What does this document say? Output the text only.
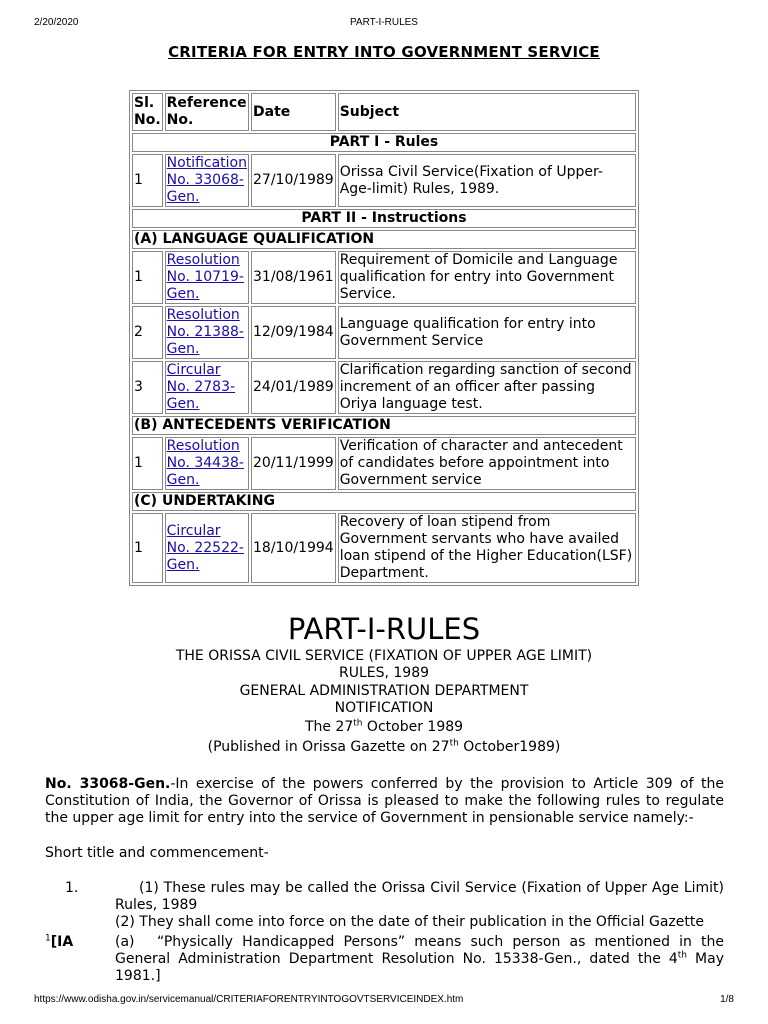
2/20/2020	PART-I-RULES
CRITERIA FOR ENTRY INTO GOVERNMENT SERVICE
Sl. No.	Reference No.	Date	Subject
PART I - Rules			
1	Notification No. 33068-Gen.	27/10/1989	Orissa Civil Service(Fixation of Upper-Age-limit) Rules, 1989.
PART II - Instructions			
(A) LANGUAGE QUALIFICATION			
1	Resolution No. 10719-Gen.	31/08/1961	Requirement of Domicile and Language qualification for entry into Government Service.
2	Resolution No. 21388-Gen.	12/09/1984	Language qualification for entry into Government Service
3	Circular No. 2783-Gen.	24/01/1989	Clarification regarding sanction of second increment of an officer after passing Oriya language test.
(B) ANTECEDENTS VERIFICATION			
1	Resolution No. 34438-Gen.	20/11/1999	Verification of character and antecedent of candidates before appointment into Government service
(C) UNDERTAKING			
1	Circular No. 22522-Gen.	18/10/1994	Recovery of loan stipend from Government servants who have availed loan stipend of the Higher Education(LSF) Department.
PART-I-RULES
THE ORISSA CIVIL SERVICE (FIXATION OF UPPER AGE LIMIT)
RULES, 1989
GENERAL ADMINISTRATION DEPARTMENT
NOTIFICATION
The 27th October 1989
(Published in Orissa Gazette on 27th October1989)
No. 33068-Gen.-In exercise of the powers conferred by the provision to Article 309 of the Constitution of India, the Governor of Orissa is pleased to make the following rules to regulate the upper age limit for entry into the service of Government in pensionable service namely:-
Short title and commencement-
1.	(1) These rules may be called the Orissa Civil Service (Fixation of Upper Age Limit) Rules, 1989
(2) They shall come into force on the date of their publication in the Official Gazette
$^1$[IA	(a)	“Physically Handicapped Persons” means such person as mentioned in the General Administration Department Resolution No. 15338-Gen., dated the 4th May 1981.]
https://www.odisha.gov.in/servicemanual/CRITERIAFORENTRYINTOGOVTSERVICEINDEX.htm	1/8
